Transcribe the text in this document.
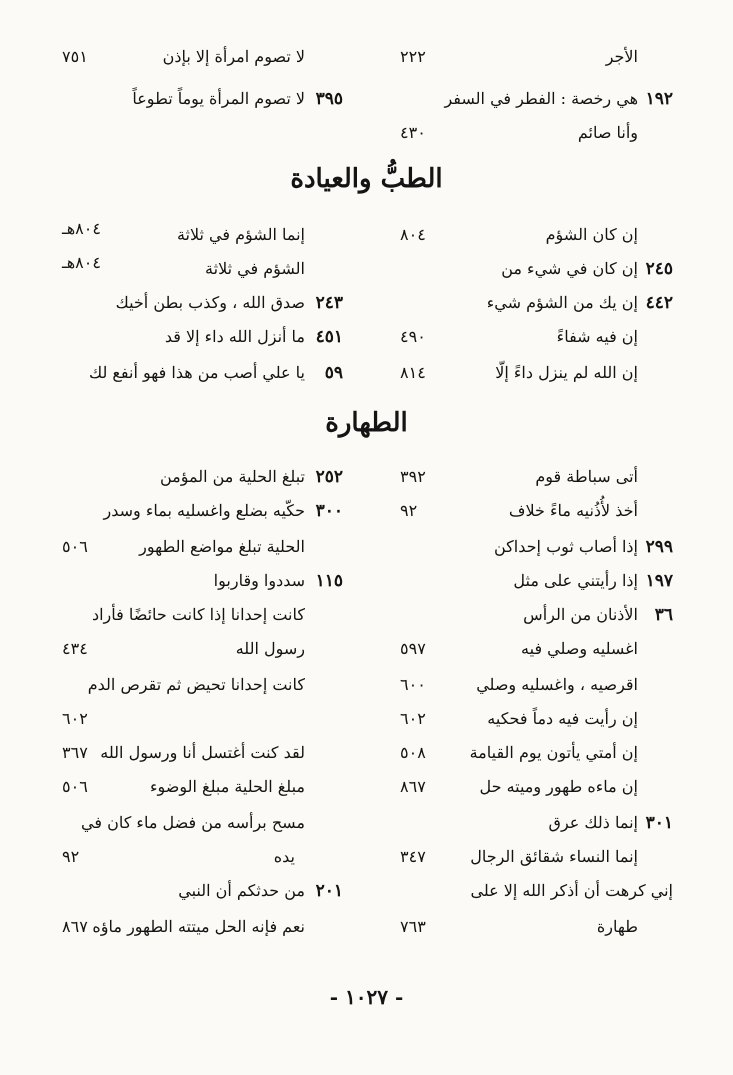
الأجر
٢٢٢
لا تصوم امرأة إلا بإذن
٧٥١
١٩٢
هي رخصة : الفطر في السفر
٣٩٥
لا تصوم المرأة يوماً تطوعاً
وأنا صائم
٤٣٠
الطبُّ والعيادة
إن كان الشؤم
٨٠٤
إنما الشؤم في ثلاثة
٨٠٤هـ
٢٤٥
إن كان في شيء من
الشؤم في ثلاثة
٨٠٤هـ
٤٤٢
إن يك من الشؤم شيء
٢٤٣
صدق الله ، وكذب بطن أخيك
إن فيه شفاءً
٤٩٠
٤٥١
ما أنزل الله داء إلا قد
إن الله لم ينزل داءً إلّا
٨١٤
٥٩
يا علي أصب من هذا فهو أنفع لك
الطهارة
أتى سباطة قوم
٣٩٢
٢٥٢
تبلغ الحلية من المؤمن
أخذ لأُذُنيه ماءً خلاف
٩٢
٣٠٠
حكّيه بضلع واغسليه بماء وسدر
٢٩٩
إذا أصاب ثوب إحداكن
الحلية تبلغ مواضع الطهور
٥٠٦
١٩٧
إذا رأيتني على مثل
١١٥
سددوا وقاربوا
٣٦
الأذنان من الرأس
كانت إحدانا إذا كانت حائضًا فأراد
اغسليه وصلي فيه
٥٩٧
رسول الله
٤٣٤
اقرصيه ، واغسليه وصلي
٦٠٠
كانت إحدانا تحيض ثم تقرص الدم
إن رأيت فيه دماً فحكيه
٦٠٢
٦٠٢
إن أمتي يأتون يوم القيامة
٥٠٨
لقد كنت أغتسل أنا ورسول الله
٣٦٧
إن ماءه طهور وميته حل
٨٦٧
مبلغ الحلية مبلغ الوضوء
٥٠٦
٣٠١
إنما ذلك عرق
مسح برأسه من فضل ماء كان في
إنما النساء شقائق الرجال
٣٤٧
يده
٩٢
إني كرهت أن أذكر الله إلا على
٢٠١
من حدثكم أن النبي
طهارة
٧٦٣
نعم فإنه الحل ميتته الطهور ماؤه
٨٦٧
- ١٠٢٧ -
